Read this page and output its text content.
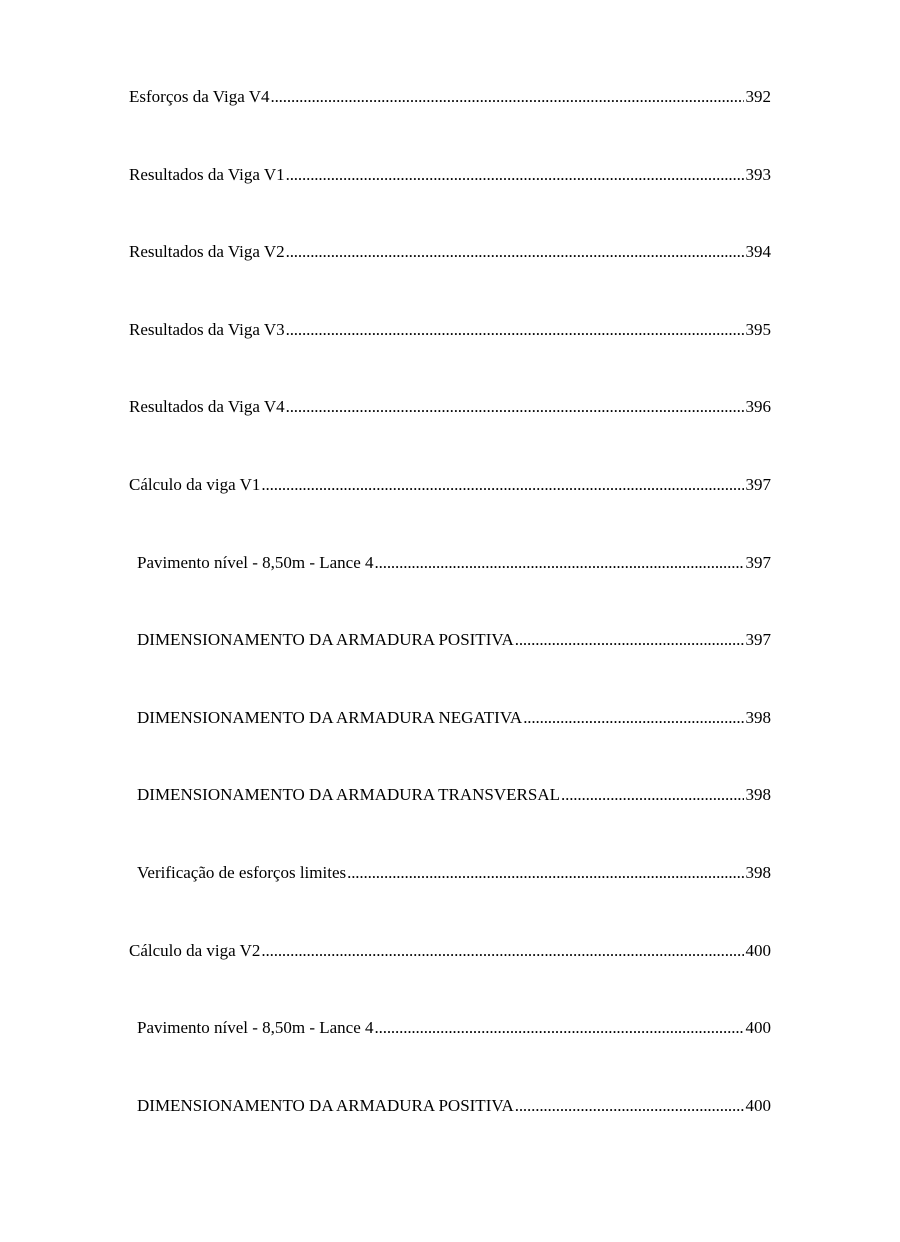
Esforços da Viga V4 . . .	392
Resultados da Viga V1 . . .	393
Resultados da Viga V2 . . .	394
Resultados da Viga V3 . . .	395
Resultados da Viga V4 . . .	396
Cálculo da viga V1 . . .	397
Pavimento nível - 8,50m - Lance 4 . . .	397
DIMENSIONAMENTO DA ARMADURA POSITIVA . . .	397
DIMENSIONAMENTO DA ARMADURA NEGATIVA . . .	398
DIMENSIONAMENTO DA ARMADURA TRANSVERSAL . . .	398
Verificação de esforços limites . . .	398
Cálculo da viga V2 . . .	400
Pavimento nível - 8,50m - Lance 4 . . .	400
DIMENSIONAMENTO DA ARMADURA POSITIVA . . .	400
